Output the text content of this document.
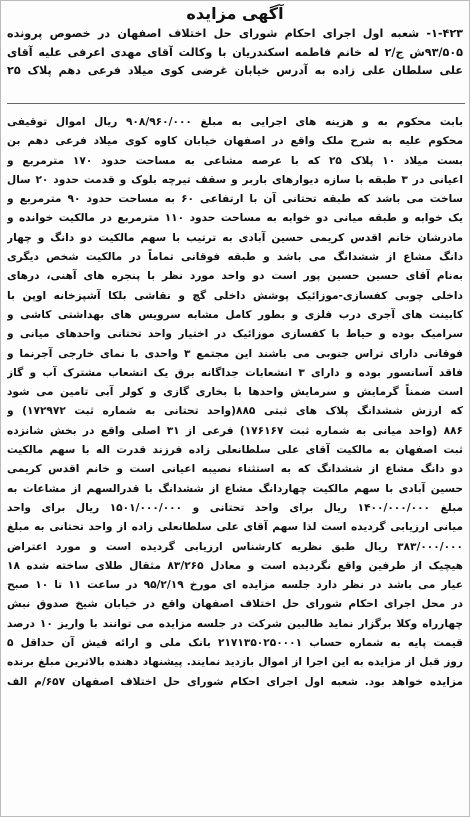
آگهی مزایده
۱-۴۲۳- شعبه اول اجرای احکام شورای حل اختلاف اصفهان در خصوص پرونده
۹۳/۵۰۵ش ج/۲ له خانم فاطمه اسکندریان با وکالت آقای مهدی اعرفی علیه آقای
علی سلطان علی زاده به آدرس خیابان غرضی کوی میلاد فرعی دهم پلاک ۲۵
بابت محکوم به و هزینه های اجرایی به مبلغ ۹۰۸/۹۶۰/۰۰۰ ریال اموال توقیفی
محکوم علیه به شرح ملک واقع در اصفهان خیابان کاوه کوی میلاد فرعی دهم بن
بست میلاد ۱۰ پلاک ۲۵ که با عرصه مشاعی به مساحت حدود ۱۷۰ مترمربع و
اعیانی در ۳ طبقه با سازه دیوارهای باربر و سقف تیرچه بلوک و قدمت حدود ۲۰ سال
ساخت می باشد که طبقه تحتانی آن با ارتفاعی ۶۰ به مساحت حدود ۹۰ مترمربع و
یک خوابه و طبقه میانی دو خوابه به مساحت حدود ۱۱۰ مترمربع در مالکیت خوانده و
مادرشان خانم اقدس کریمی حسین آبادی به ترتیب با سهم مالکیت دو دانگ و چهار
دانگ مشاع از ششدانگ می باشد و طبقه فوقانی تماماً در مالکیت شخص دیگری
به‌نام آقای حسین حسین پور است دو واحد مورد نظر با پنجره های آهنی، درهای
داخلی چوبی کفسازی-موزائیک پوشش داخلی گچ و نقاشی بلکا آشپزخانه اوپن با
کابینت های آجری درب فلزی و بطور کامل مشابه سرویس های بهداشتی کاشی و
سرامیک بوده و حیاط با کفسازی موزائیک در اختیار واحد تحتانی واحدهای میانی و
فوقانی دارای تراس جنوبی می باشند این مجتمع ۳ واحدی با نمای خارجی آجرنما و
فاقد آسانسور بوده و دارای ۳ انشعابات جداگانه برق یک انشعاب مشترک آب و گاز
است ضمناً گرمایش و سرمایش واحدها با بخاری گازی و کولر آبی تامین می شود
که ارزش ششدانگ پلاک های ثبتی ۸۸۵(واحد تحتانی به شماره ثبت ۱۷۲۹۷۲) و
۸۸۶ (واحد میانی به شماره ثبت ۱۷۶۱۶۷) فرعی از ۳۱ اصلی واقع در بخش شانزده
ثبت اصفهان به مالکیت آقای علی سلطانعلی زاده فرزند قدرت اله با سهم مالکیت
دو دانگ مشاع از ششدانگ که به استثناء نصیبه اعیانی است و خانم اقدس کریمی
حسین آبادی با سهم مالکیت چهاردانگ مشاع از ششدانگ با قدرالسهم از مشاعات به
مبلغ ۱۴۰۰/۰۰۰/۰۰۰ ریال برای واحد تحتانی و ۱۵۰۱/۰۰۰/۰۰۰ ریال برای واحد
میانی ارزیابی گردیده است لذا سهم آقای علی سلطانعلی زاده از واحد تحتانی به مبلغ
۳۸۳/۰۰۰/۰۰۰ ریال طبق نظریه کارشناس ارزیابی گردیده است و مورد اعتراض
هیچیک از طرفین واقع نگردیده است و معادل ۸۳/۲۶۵ مثقال طلای ساخته شده ۱۸
عیار می باشد در نظر دارد جلسه مزایده ای مورخ ۹۵/۲/۱۹ در ساعت ۱۱ تا ۱۰ صبح
در محل اجرای احکام شورای حل اختلاف اصفهان واقع در خیابان شیخ صدوق نبش
چهارراه وکلا برگزار نماید طالبین شرکت در جلسه مزایده می توانند با واریز ۱۰ درصد
قیمت پایه به شماره حساب ۲۱۷۱۳۵۰۲۵۰۰۰۱ بانک ملی و ارائه فیش آن حداقل ۵
روز قبل از مزایده به این اجرا از اموال بازدید نمایند. پیشنهاد دهنده بالاترین مبلغ برنده
مزایده خواهد بود. شعبه اول اجرای احکام شورای حل اختلاف اصفهان ۶۵۷/م الف
